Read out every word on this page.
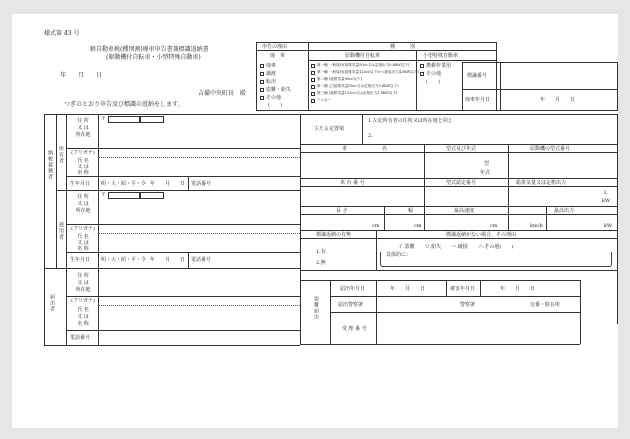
様式第 43 号
軽自動車税(種別割)廃車申告書兼標識返納書
(原動機付自転車・小型特殊自動車)
年　　月　　日
吉備中央町長　殿
つぎのとおり申告及び標識の返納をします。
申告の理由
廃　車
種　　　別
原動機付自転車	小型特殊自動車
廃車
譲渡
転出
盗難・紛失
その他
(　　)
第一種 一般原付(総排気量50cc又は定格出力0.6kW以下)
第一種 一般原付(総排気量125cc以下かつ最高出力4.0kW以下)
第二種 (総排気量90cc以下)
第二種 乙(総排気量90cc又は定格出力0.8kW以下)
第三種 (総排気量125cc又は定格出力1.0kW以下)
ミニカー
農耕作業用
その他
(　　)
標識番号
廃車年月日	年　　月　　日
納税義務者 所有者
使用者
届出者
住 所
又 は
所在地
〒
(フリガナ)
氏 名
又 は
名 称
生年月日 明・大・昭・平・令 年　　月　　日 電話番号
住 所
又 は
所在地
〒
(フリガナ)
氏 名
又 は
名 称
生年月日 明・大・昭・平・令 年　　月　　日 電話番号
住 所
又 は
所在地
(フリガナ)
氏 名
又 は
名 称
電話番号
主たる定置場
1.左記所有者の住所又は所在地と同じ
2.
車	名	型式及び年式	原動機の型式番号
型
年式
車 台 番 号	型式認定番号	総排気量又は定格出力
L
kW
長 さ	幅	最高速度	最高出力
cm	cm	cm	km/h	kW
標識返納の有無	標識返納がない場合、その理由
1.有
2.無
イ.盗難　　ロ.紛失　　ハ.破損　　ニ.その他(　　)
具体的に：
盗難届出
届出年月日	年　　月　　日	被害年月日	年　　月　　日
届出警察署	警察署	交番・駐在所
受 理 番 号
